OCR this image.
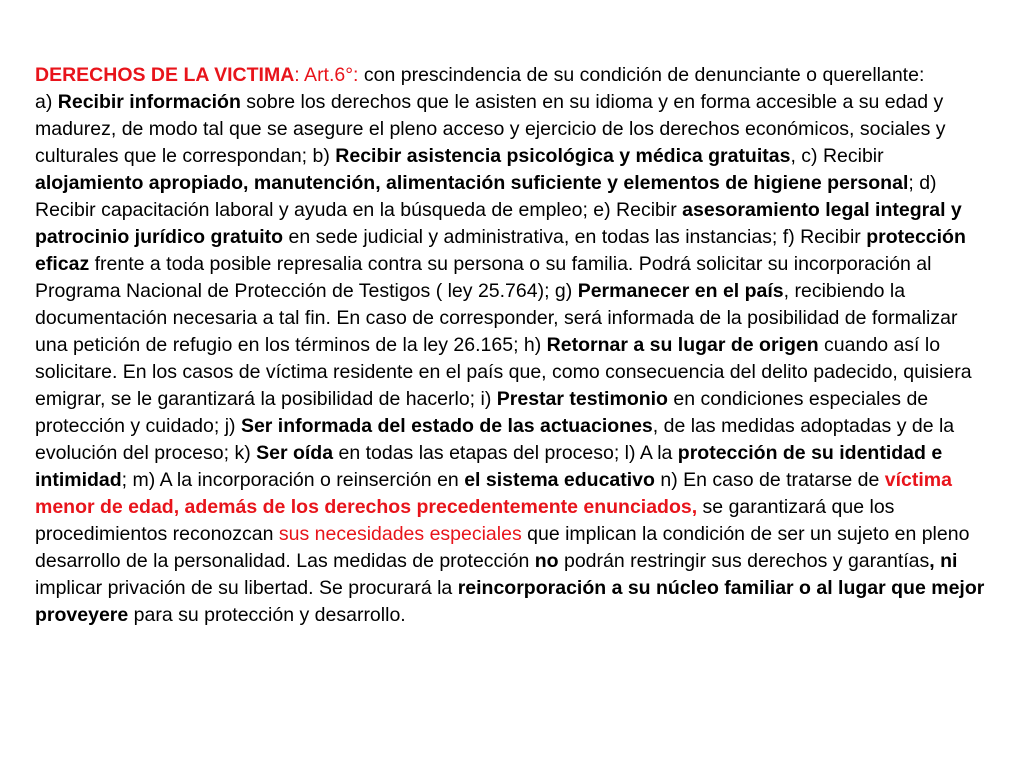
DERECHOS DE LA VICTIMA: Art.6°: con prescindencia de su condición de denunciante o querellante:
a) Recibir información sobre los derechos que le asisten en su idioma y en forma accesible a su edad y madurez, de modo tal que se asegure el pleno acceso y ejercicio de los derechos económicos, sociales y culturales que le correspondan; b) Recibir asistencia psicológica y médica gratuitas, c) Recibir alojamiento apropiado, manutención, alimentación suficiente y elementos de higiene personal; d) Recibir capacitación laboral y ayuda en la búsqueda de empleo; e) Recibir asesoramiento legal integral y patrocinio jurídico gratuito en sede judicial y administrativa, en todas las instancias; f) Recibir protección eficaz frente a toda posible represalia contra su persona o su familia. Podrá solicitar su incorporación al Programa Nacional de Protección de Testigos ( ley 25.764); g) Permanecer en el país, recibiendo la documentación necesaria a tal fin. En caso de corresponder, será informada de la posibilidad de formalizar una petición de refugio en los términos de la ley 26.165; h) Retornar a su lugar de origen cuando así lo solicitare. En los casos de víctima residente en el país que, como consecuencia del delito padecido, quisiera emigrar, se le garantizará la posibilidad de hacerlo; i) Prestar testimonio en condiciones especiales de protección y cuidado; j) Ser informada del estado de las actuaciones, de las medidas adoptadas y de la evolución del proceso; k) Ser oída en todas las etapas del proceso; l) A la protección de su identidad e intimidad; m) A la incorporación o reinserción en el sistema educativo n) En caso de tratarse de víctima menor de edad, además de los derechos precedentemente enunciados, se garantizará que los procedimientos reconozcan sus necesidades especiales que implican la condición de ser un sujeto en pleno desarrollo de la personalidad. Las medidas de protección no podrán restringir sus derechos y garantías, ni implicar privación de su libertad. Se procurará la reincorporación a su núcleo familiar o al lugar que mejor proveyere para su protección y desarrollo.
